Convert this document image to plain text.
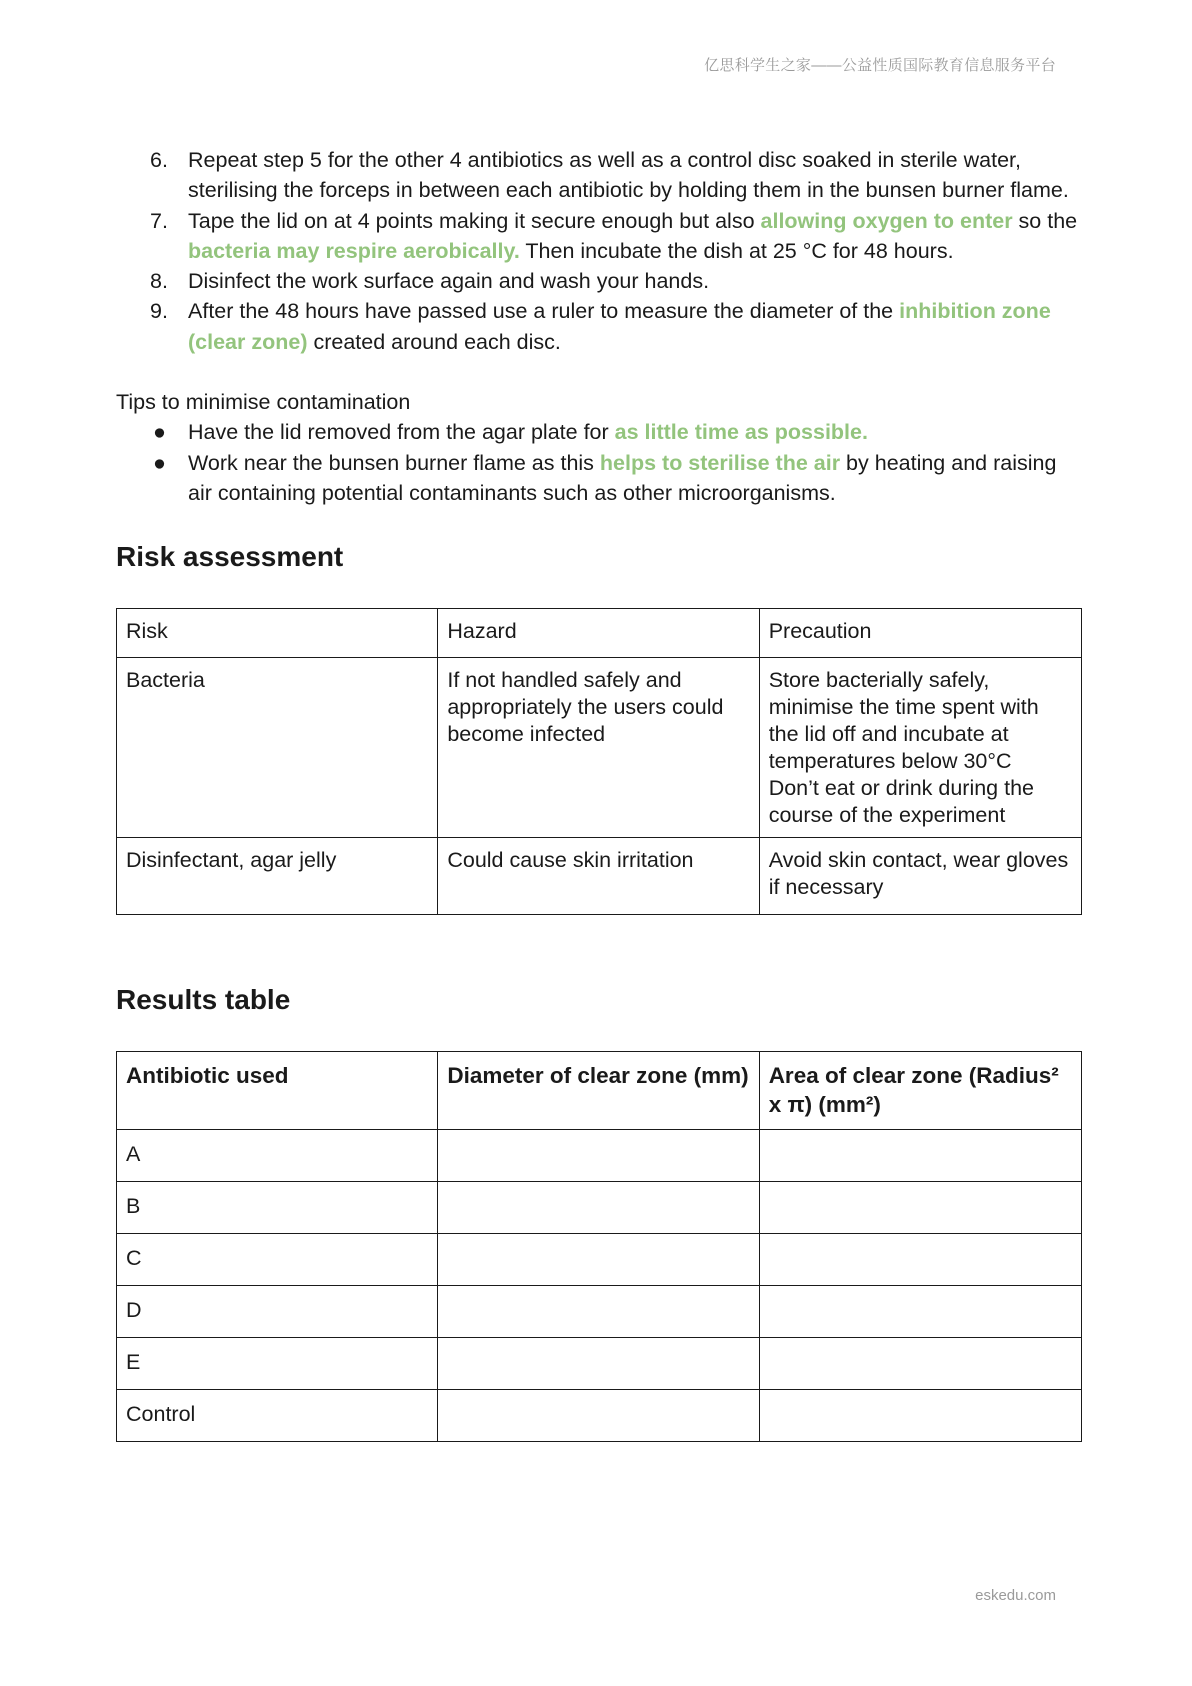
亿思科学生之家——公益性质国际教育信息服务平台
6. Repeat step 5 for the other 4 antibiotics as well as a control disc soaked in sterile water, sterilising the forceps in between each antibiotic by holding them in the bunsen burner flame.
7. Tape the lid on at 4 points making it secure enough but also allowing oxygen to enter so the bacteria may respire aerobically. Then incubate the dish at 25 °C for 48 hours.
8. Disinfect the work surface again and wash your hands.
9. After the 48 hours have passed use a ruler to measure the diameter of the inhibition zone (clear zone) created around each disc.
Tips to minimise contamination
● Have the lid removed from the agar plate for as little time as possible.
● Work near the bunsen burner flame as this helps to sterilise the air by heating and raising air containing potential contaminants such as other microorganisms.
Risk assessment
Risk	Hazard	Precaution
Bacteria	If not handled safely and appropriately the users could become infected	Store bacterially safely, minimise the time spent with the lid off and incubate at temperatures below 30°C
Don’t eat or drink during the course of the experiment

Disinfectant, agar jelly	Could cause skin irritation	Avoid skin contact, wear gloves if necessary
Results table
Antibiotic used	Diameter of clear zone (mm)	Area of clear zone (Radius² x π) (mm²)
A		
B		
C		
D		
E		
Control		
eskedu.com
